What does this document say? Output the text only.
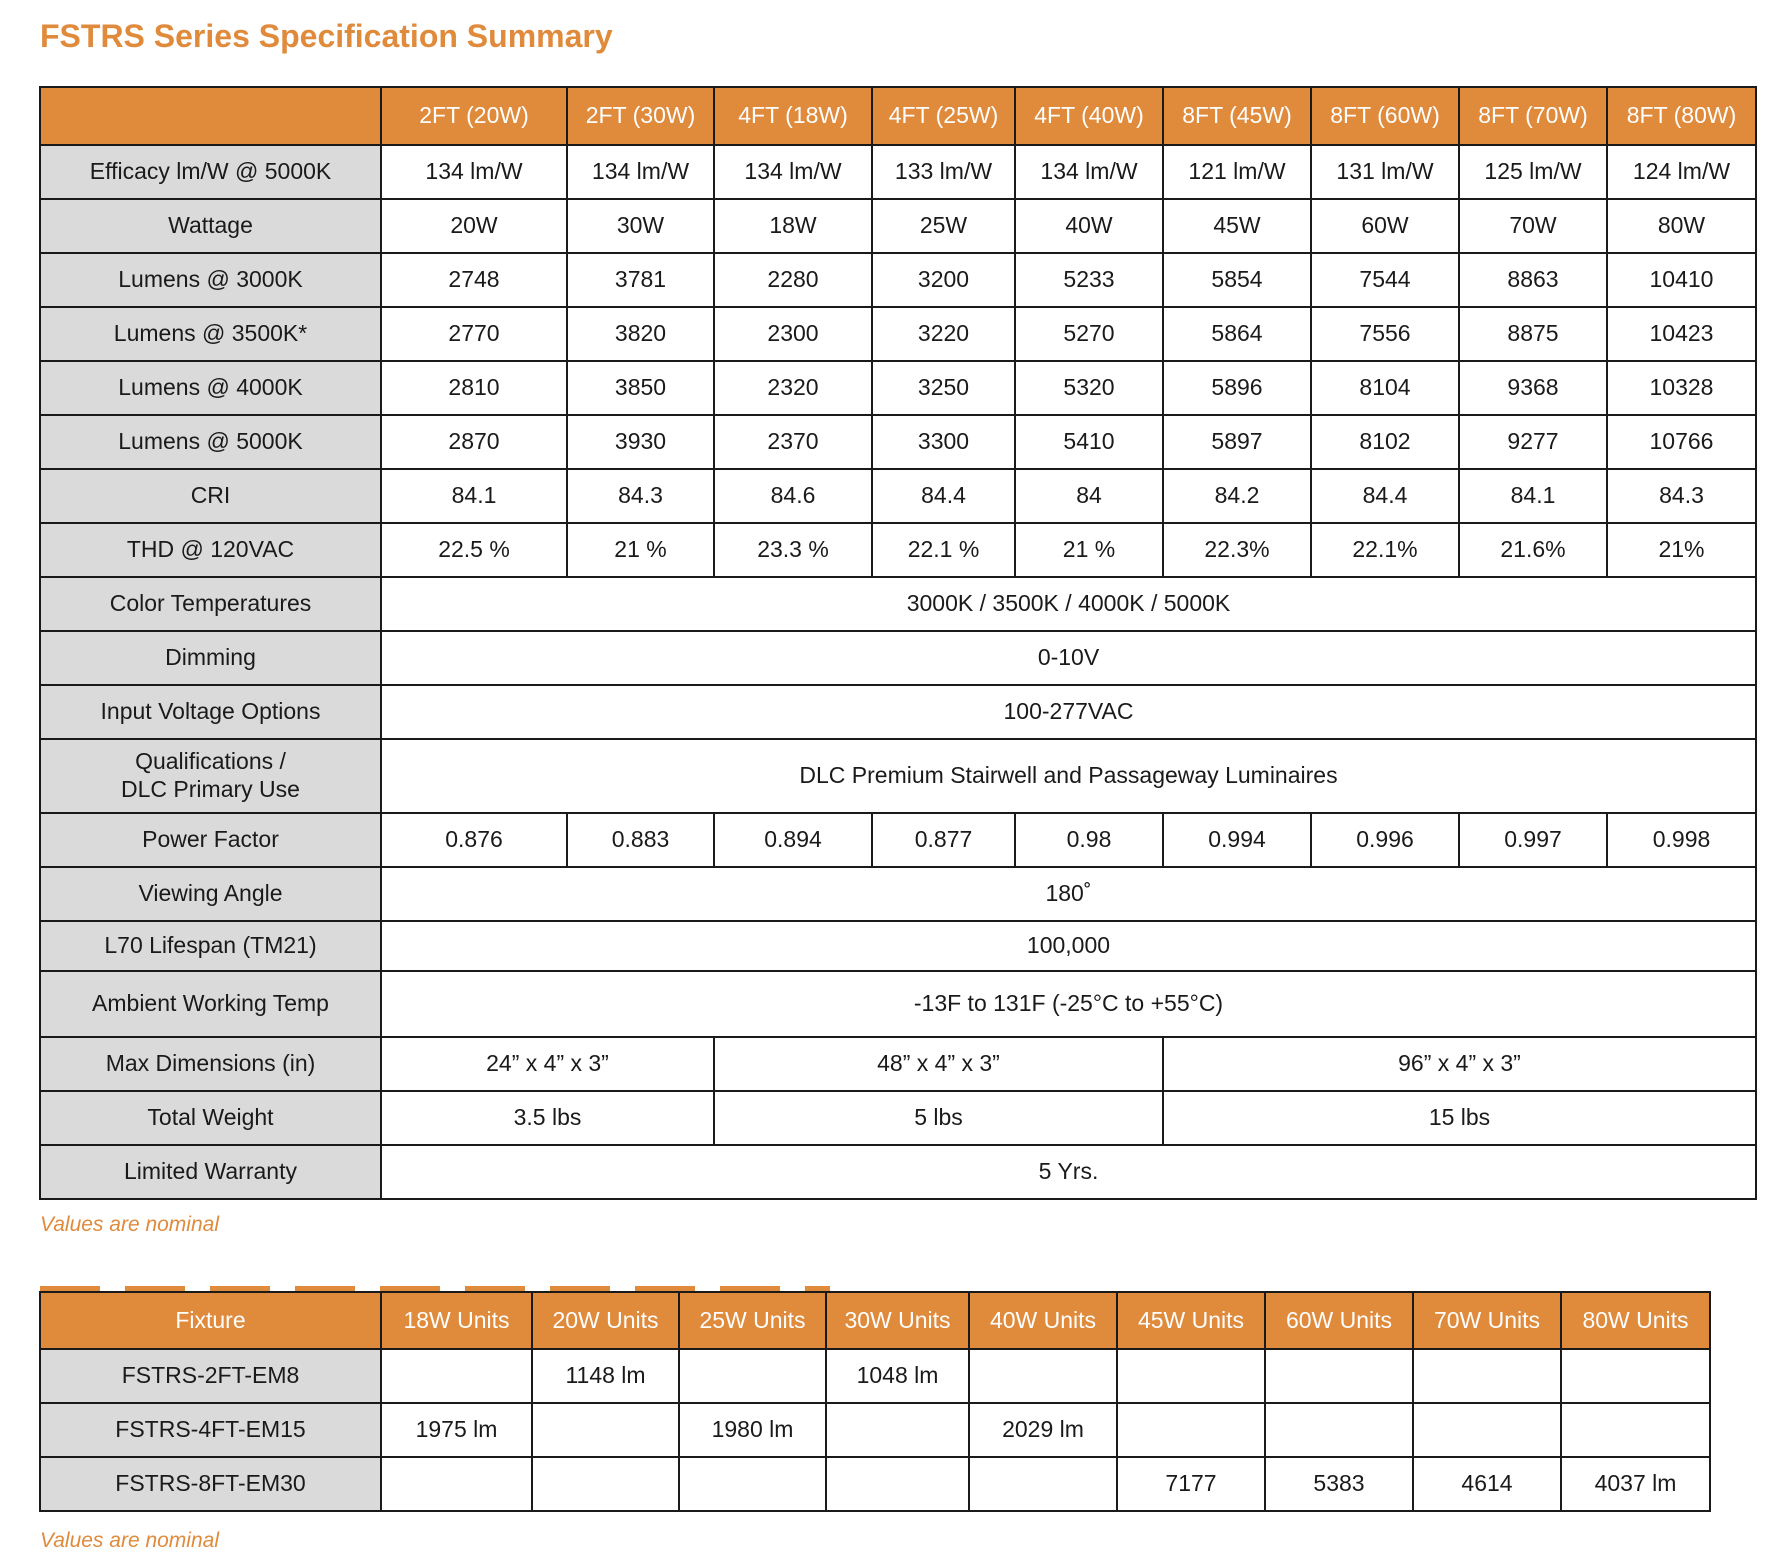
FSTRS Series Specification Summary
	2FT (20W)	2FT (30W)	4FT (18W)	4FT (25W)	4FT (40W)	8FT (45W)	8FT (60W)	8FT (70W)	8FT (80W)
Efficacy lm/W @ 5000K	134 lm/W	134 lm/W	134 lm/W	133 lm/W	134 lm/W	121 lm/W	131 lm/W	125 lm/W	124 lm/W
Wattage	20W	30W	18W	25W	40W	45W	60W	70W	80W
Lumens @ 3000K	2748	3781	2280	3200	5233	5854	7544	8863	10410
Lumens @ 3500K*	2770	3820	2300	3220	5270	5864	7556	8875	10423
Lumens @ 4000K	2810	3850	2320	3250	5320	5896	8104	9368	10328
Lumens @ 5000K	2870	3930	2370	3300	5410	5897	8102	9277	10766
CRI	84.1	84.3	84.6	84.4	84	84.2	84.4	84.1	84.3
THD @ 120VAC	22.5 %	21 %	23.3 %	22.1 %	21 %	22.3%	22.1%	21.6%	21%
Color Temperatures	3000K / 3500K / 4000K / 5000K								
Dimming	0-10V								
Input Voltage Options	100-277VAC								

Qualifications /
DLC Primary Use	DLC Premium Stairwell and Passageway Luminaires								
Power Factor	0.876	0.883	0.894	0.877	0.98	0.994	0.996	0.997	0.998
Viewing Angle	180˚								
L70 Lifespan (TM21)	100,000								
Ambient Working Temp	-13F to 131F (-25°C to +55°C)								
Max Dimensions (in)	24” x 4” x 3”		48” x 4” x 3”			96” x 4” x 3”			
Total Weight	3.5 lbs		5 lbs			15 lbs			
Limited Warranty	5 Yrs.								
Values are nominal
Fixture	18W Units	20W Units	25W Units	30W Units	40W Units	45W Units	60W Units	70W Units	80W Units
FSTRS-2FT-EM8		1148 lm		1048 lm					
FSTRS-4FT-EM15	1975 lm		1980 lm		2029 lm				
FSTRS-8FT-EM30						7177	5383	4614	4037 lm
Values are nominal
